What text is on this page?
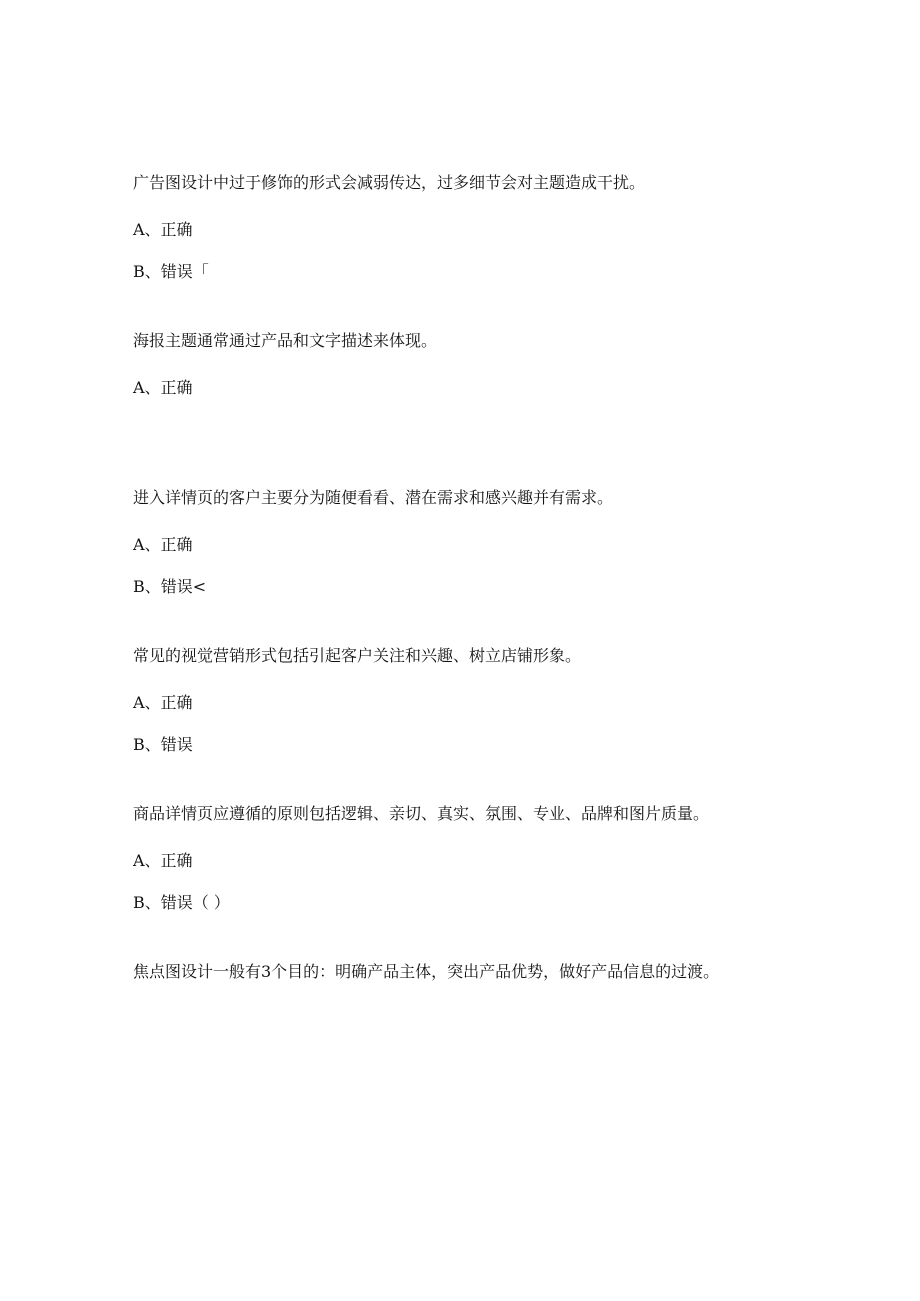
广告图设计中过于修饰的形式会减弱传达，过多细节会对主题造成干扰。

A、正确

B、错误「

海报主题通常通过产品和文字描述来体现。

A、正确

进入详情页的客户主要分为随便看看、潜在需求和感兴趣并有需求。

A、正确

B、错误<

常见的视觉营销形式包括引起客户关注和兴趣、树立店铺形象。

A、正确

B、错误

商品详情页应遵循的原则包括逻辑、亲切、真实、氛围、专业、品牌和图片质量。

A、正确

B、错误（ ）

焦点图设计一般有3个目的：明确产品主体，突出产品优势，做好产品信息的过渡。
